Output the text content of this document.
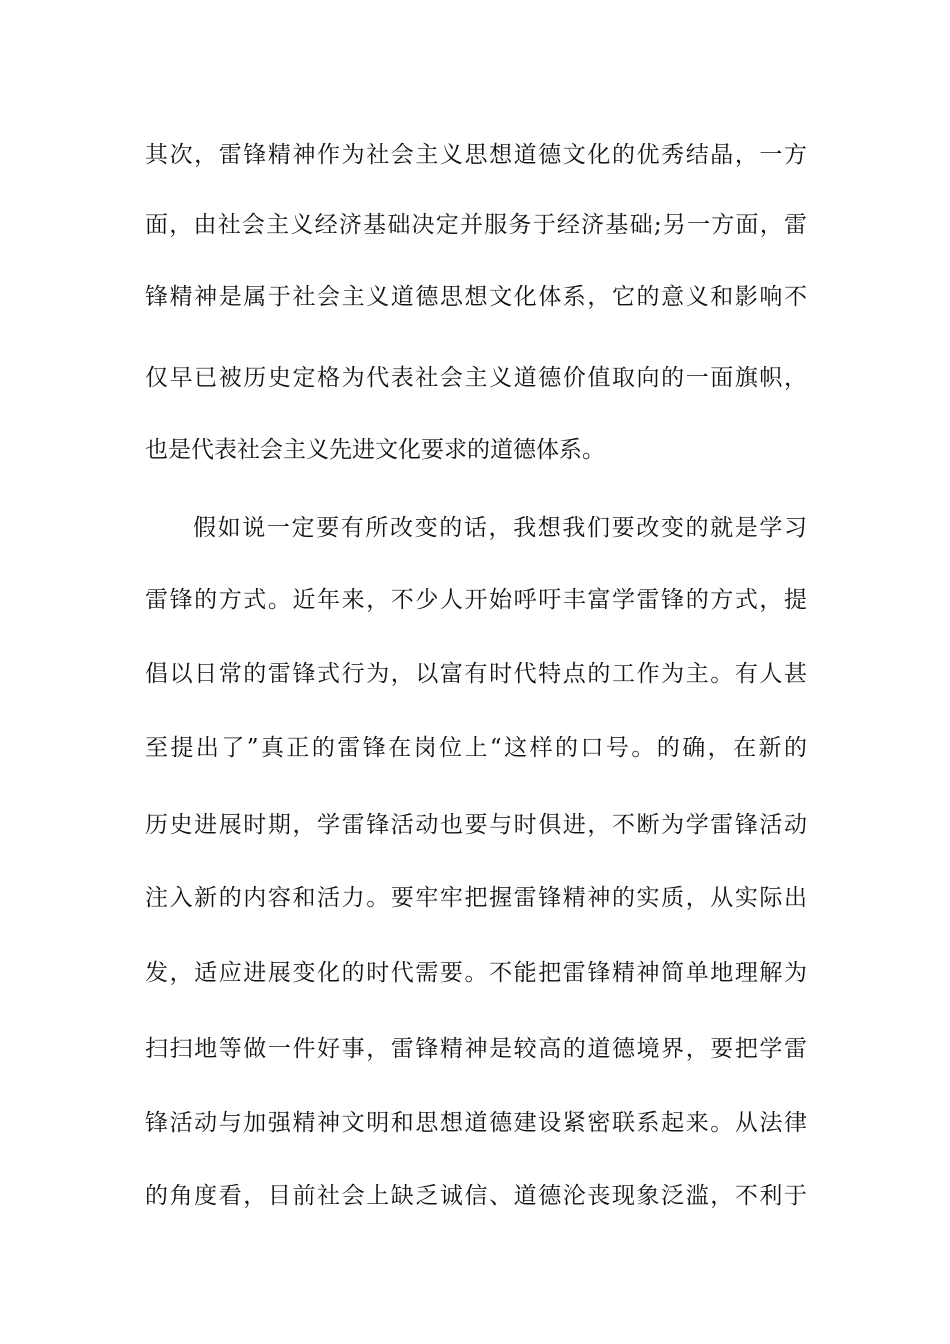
其次，雷锋精神作为社会主义思想道德文化的优秀结晶，一方
面，由社会主义经济基础决定并服务于经济基础;另一方面，雷
锋精神是属于社会主义道德思想文化体系，它的意义和影响不
仅早已被历史定格为代表社会主义道德价值取向的一面旗帜，
也是代表社会主义先进文化要求的道德体系。
假如说一定要有所改变的话，我想我们要改变的就是学习
雷锋的方式。近年来，不少人开始呼吁丰富学雷锋的方式，提
倡以日常的雷锋式行为，以富有时代特点的工作为主。有人甚
至提出了”真正的雷锋在岗位上“这样的口号。的确，在新的
历史进展时期，学雷锋活动也要与时俱进，不断为学雷锋活动
注入新的内容和活力。要牢牢把握雷锋精神的实质，从实际出
发，适应进展变化的时代需要。不能把雷锋精神简单地理解为
扫扫地等做一件好事，雷锋精神是较高的道德境界，要把学雷
锋活动与加强精神文明和思想道德建设紧密联系起来。从法律
的角度看，目前社会上缺乏诚信、道德沦丧现象泛滥，不利于
